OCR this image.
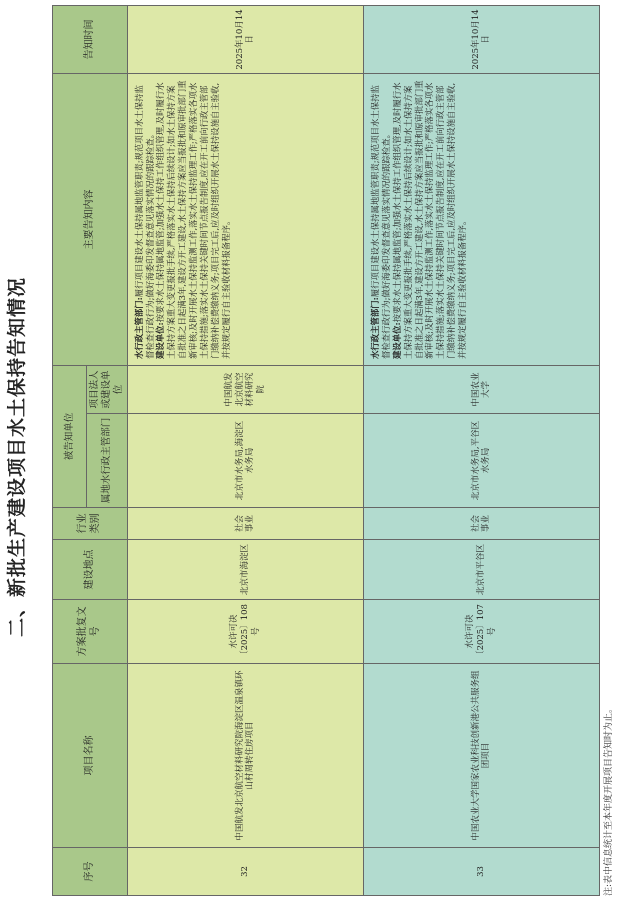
二、新批生产建设项目水土保持告知情况
序号	项目名称	方案批复文号	建设地点	行业类别	被告知单位		主要告知内容	告知时间
					属地水行政主管部门	项目法人或建设单位		
32	中国航发北京航空材料研究院海淀区温泉镇环山村周转住房项目	水许可决〔2025〕108号	北京市海淀区	社会事业	北京市水务局,海淀区水务局	中国航发北京航空材料研究院	水行政主管部门:履行项目建设水土保持属地监管职责;规范项目水土保持监督检查行政行为;做好海委印发督查意见落实情况的跟踪检查。
建设单位:按要求水土保持属地监管;加强水土保持工作组织管理,及时履行水土保持方案重大变更报批手续,严格落实水土保持后续设计;如水土保持方案自批准之日起满3年,建设方开工建设,水土保持方案应当报批和原审批部门重新审核;及时开展水土保持监测工作,落实水土保持监理工作;严格落实各项水土保持措施;落实水土保持关键时间节点报告制度,应在开工前向行政主管部门缴纳补偿费缴纳义务;项目完工后,应及时组织开展水土保持设施自主验收,并按规定履行自主验收材料报备程序。	2025年10月14日
33	中国农业大学国家农业科技创新港公共服务组团项目	水许可决〔2025〕107号	北京市平谷区	社会事业	北京市水务局,平谷区水务局	中国农业大学	水行政主管部门:履行项目建设水土保持属地监管职责;规范项目水土保持监督检查行政行为;做好海委印发督查意见落实情况的跟踪检查。
建设单位:按要求水土保持属地监管;加强水土保持工作组织管理,及时履行水土保持方案重大变更报批手续,严格落实水土保持后续设计;如水土保持方案自批准之日起满3年,建设方开工建设,水土保持方案应当报批和原审批部门重新审核;及时开展水土保持监测工作,落实水土保持监理工作;严格落实各项水土保持措施;落实水土保持关键时间节点报告制度,应在开工前向行政主管部门缴纳补偿费缴纳义务;项目完工后,应及时组织开展水土保持设施自主验收,并按规定履行自主验收材料报备程序。	2025年10月14日
注:表中信息统计至本年度开展项目告知时为止。
